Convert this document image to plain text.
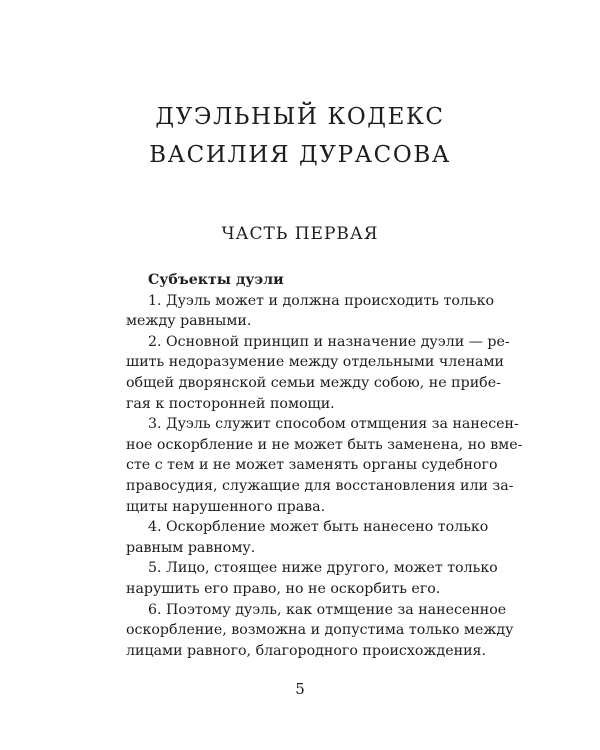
ДУЭЛЬНЫЙ КОДЕКС
ВАСИЛИЯ ДУРАСОВА
ЧАСТЬ ПЕРВАЯ
Субъекты дуэли
1. Дуэль может и должна происходить только
между равными.
2. Основной принцип и назначение дуэли — ре-
шить недоразумение между отдельными членами
общей дворянской семьи между собою, не прибе-
гая к посторонней помощи.
3. Дуэль служит способом отмщения за нанесен-
ное оскорбление и не может быть заменена, но вме-
сте с тем и не может заменять органы судебного
правосудия, служащие для восстановления или за-
щиты нарушенного права.
4. Оскорбление может быть нанесено только
равным равному.
5. Лицо, стоящее ниже другого, может только
нарушить его право, но не оскорбить его.
6. Поэтому дуэль, как отмщение за нанесенное
оскорбление, возможна и допустима только между
лицами равного, благородного происхождения.
5
